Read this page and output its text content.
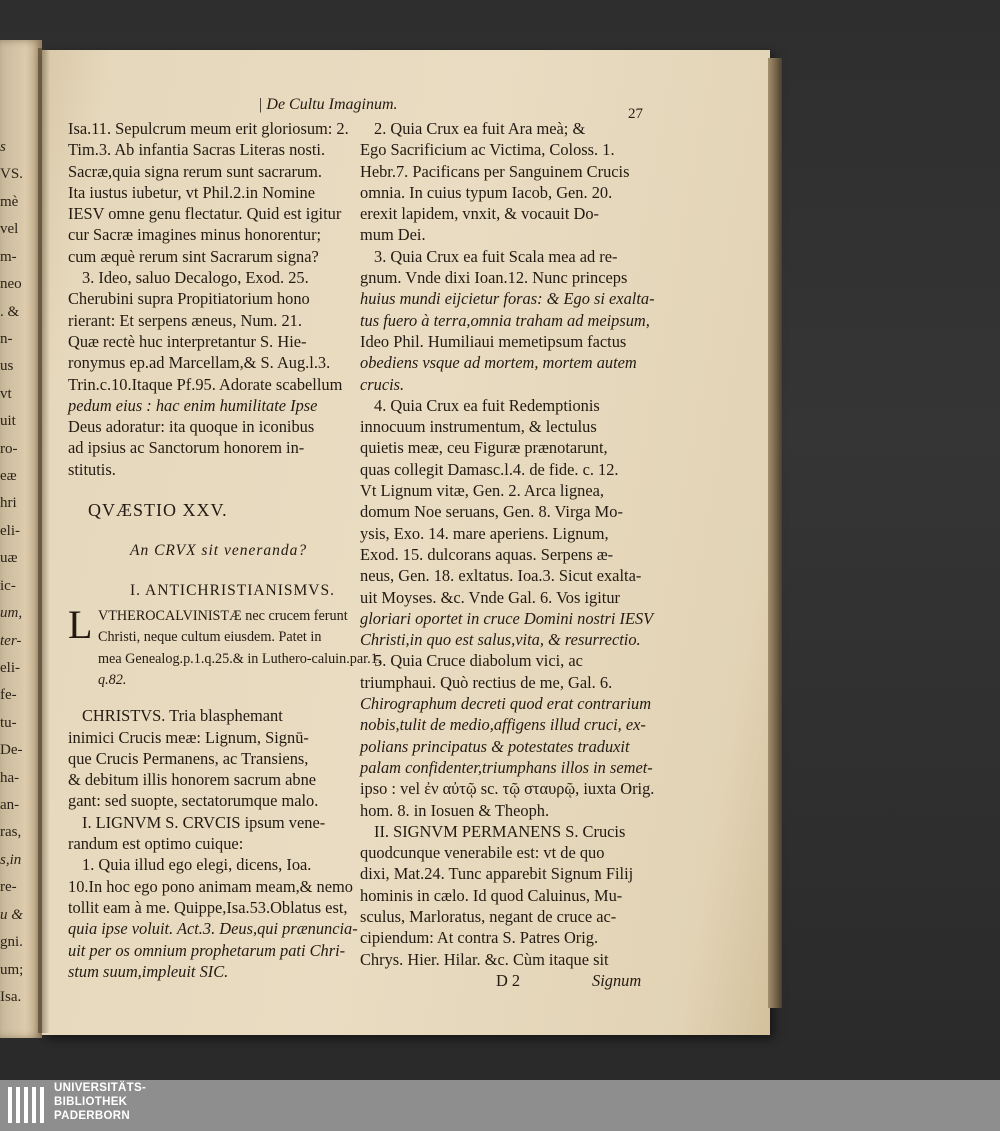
s
VS.
mè
vel
m-
neo
. &
n-
us
vt
uit
ro-
eæ
hri
eli-
uæ
ic-
um,
ter-
eli-
fe-
tu-
De-
ha-
an-
ras,
s,in
re-
u &
gni.
um;
Isa.
| De Cultu Imaginum.
27
Isa.11. Sepulcrum meum erit gloriosum: 2.
Tim.3. Ab infantia Sacras Literas nosti.
Sacræ,quia signa rerum sunt sacrarum.
Ita iustus iubetur, vt Phil.2.in Nomine
IESV omne genu flectatur. Quid est igitur
cur Sacræ imagines minus honorentur;
cum æquè rerum sint Sacrarum signa?
3. Ideo, saluo Decalogo, Exod. 25.
Cherubini supra Propitiatorium hono
rierant: Et serpens æneus, Num. 21.
Quæ rectè huc interpretantur S. Hie-
ronymus ep.ad Marcellam,& S. Aug.l.3.
Trin.c.10.Itaque Pf.95. Adorate scabellum
pedum eius : hac enim humilitate Ipse
Deus adoratur: ita quoque in iconibus
ad ipsius ac Sanctorum honorem in-
stitutis.
QVÆSTIO XXV.
An CRVX sit veneranda?
I. ANTICHRISTIANISMVS.
L VTHEROCALVINISTÆ nec crucem ferunt
Christi, neque cultum eiusdem. Patet in
mea Genealog.p.1.q.25.& in Luthero-caluin.par.1.
q.82.
CHRISTVS. Tria blasphemant
inimici Crucis meæ: Lignum, Signū-
que Crucis Permanens, ac Transiens,
& debitum illis honorem sacrum abne
gant: sed suopte, sectatorumque malo.
I. LIGNVM S. CRVCIS ipsum vene-
randum est optimo cuique:
1. Quia illud ego elegi, dicens, Ioa.
10.In hoc ego pono animam meam,& nemo
tollit eam à me. Quippe,Isa.53.Oblatus est,
quia ipse voluit. Act.3. Deus,qui prænuncia-
uit per os omnium prophetarum pati Chri-
stum suum,impleuit SIC.
2. Quia Crux ea fuit Ara meà; &
Ego Sacrificium ac Victima, Coloss. 1.
Hebr.7. Pacificans per Sanguinem Crucis
omnia. In cuius typum Iacob, Gen. 20.
erexit lapidem, vnxit, & vocauit Do-
mum Dei.
3. Quia Crux ea fuit Scala mea ad re-
gnum. Vnde dixi Ioan.12. Nunc princeps
huius mundi eijcietur foras: & Ego si exalta-
tus fuero à terra,omnia traham ad meipsum,
Ideo Phil. Humiliaui memetipsum factus
obediens vsque ad mortem, mortem autem
crucis.
4. Quia Crux ea fuit Redemptionis
innocuum instrumentum, & lectulus
quietis meæ, ceu Figuræ prænotarunt,
quas collegit Damasc.l.4. de fide. c. 12.
Vt Lignum vitæ, Gen. 2. Arca lignea,
domum Noe seruans, Gen. 8. Virga Mo-
ysis, Exo. 14. mare aperiens. Lignum,
Exod. 15. dulcorans aquas. Serpens æ-
neus, Gen. 18. exltatus. Ioa.3. Sicut exalta-
uit Moyses. &c. Vnde Gal. 6. Vos igitur
gloriari oportet in cruce Domini nostri IESV
Christi,in quo est salus,vita, & resurrectio.
5. Quia Cruce diabolum vici, ac
triumphaui. Quò rectius de me, Gal. 6.
Chirographum decreti quod erat contrarium
nobis,tulit de medio,affigens illud cruci, ex-
polians principatus & potestates traduxit
palam confidenter,triumphans illos in semet-
ipso : vel ἐν αὐτῷ sc. τῷ σταυρῷ, iuxta Orig.
hom. 8. in Iosuen & Theoph.
II. SIGNVM PERMANENS S. Crucis
quodcunque venerabile est: vt de quo
dixi, Mat.24. Tunc apparebit Signum Filij
hominis in cælo. Id quod Caluinus, Mu-
sculus, Marloratus, negant de cruce ac-
cipiendum: At contra S. Patres Orig.
Chrys. Hier. Hilar. &c. Cùm itaque sit
D 2	Signum
UNIVERSITÄTS-
BIBLIOTHEK
PADERBORN
